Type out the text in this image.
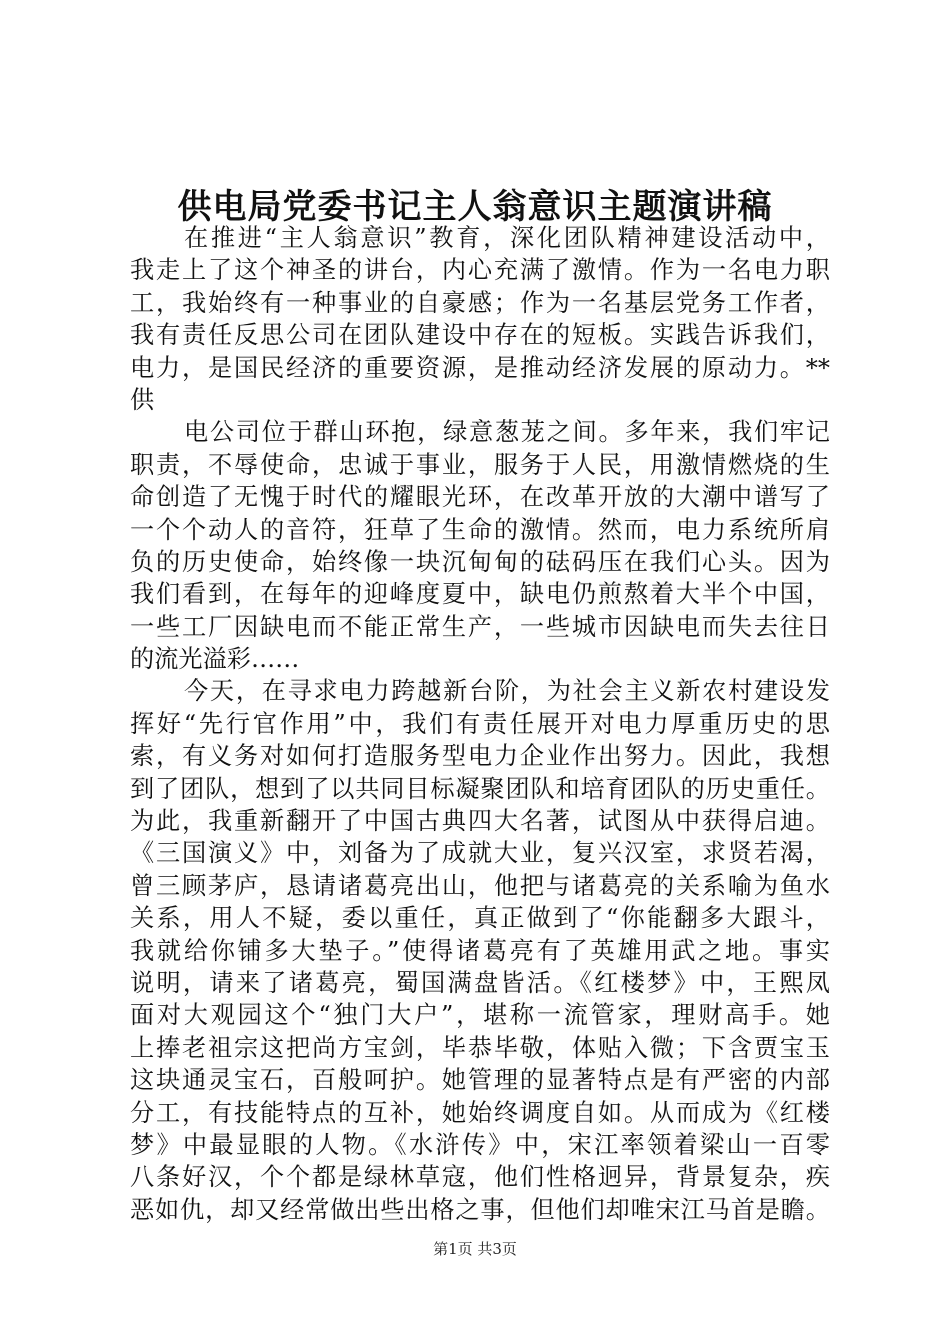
供电局党委书记主人翁意识主题演讲稿
在推进“主人翁意识”教育，深化团队精神建设活动中，
我走上了这个神圣的讲台，内心充满了激情。作为一名电力职
工，我始终有一种事业的自豪感；作为一名基层党务工作者，
我有责任反思公司在团队建设中存在的短板。实践告诉我们，
电力，是国民经济的重要资源，是推动经济发展的原动力。**
供
电公司位于群山环抱，绿意葱茏之间。多年来，我们牢记
职责，不辱使命，忠诚于事业，服务于人民，用激情燃烧的生
命创造了无愧于时代的耀眼光环，在改革开放的大潮中谱写了
一个个动人的音符，狂草了生命的激情。然而，电力系统所肩
负的历史使命，始终像一块沉甸甸的砝码压在我们心头。因为
我们看到，在每年的迎峰度夏中，缺电仍煎熬着大半个中国，
一些工厂因缺电而不能正常生产，一些城市因缺电而失去往日
的流光溢彩……
今天，在寻求电力跨越新台阶，为社会主义新农村建设发
挥好“先行官作用”中，我们有责任展开对电力厚重历史的思
索，有义务对如何打造服务型电力企业作出努力。因此，我想
到了团队，想到了以共同目标凝聚团队和培育团队的历史重任。
为此，我重新翻开了中国古典四大名著，试图从中获得启迪。
《三国演义》中，刘备为了成就大业，复兴汉室，求贤若渴，
曾三顾茅庐，恳请诸葛亮出山，他把与诸葛亮的关系喻为鱼水
关系，用人不疑，委以重任，真正做到了“你能翻多大跟斗，
我就给你铺多大垫子。”使得诸葛亮有了英雄用武之地。事实
说明，请来了诸葛亮，蜀国满盘皆活。《红楼梦》中，王熙凤
面对大观园这个“独门大户”，堪称一流管家，理财高手。她
上捧老祖宗这把尚方宝剑，毕恭毕敬，体贴入微；下含贾宝玉
这块通灵宝石，百般呵护。她管理的显著特点是有严密的内部
分工，有技能特点的互补，她始终调度自如。从而成为《红楼
梦》中最显眼的人物。《水浒传》中，宋江率领着梁山一百零
八条好汉，个个都是绿林草寇，他们性格迥异，背景复杂，疾
恶如仇，却又经常做出些出格之事，但他们却唯宋江马首是瞻。
第1页 共3页
